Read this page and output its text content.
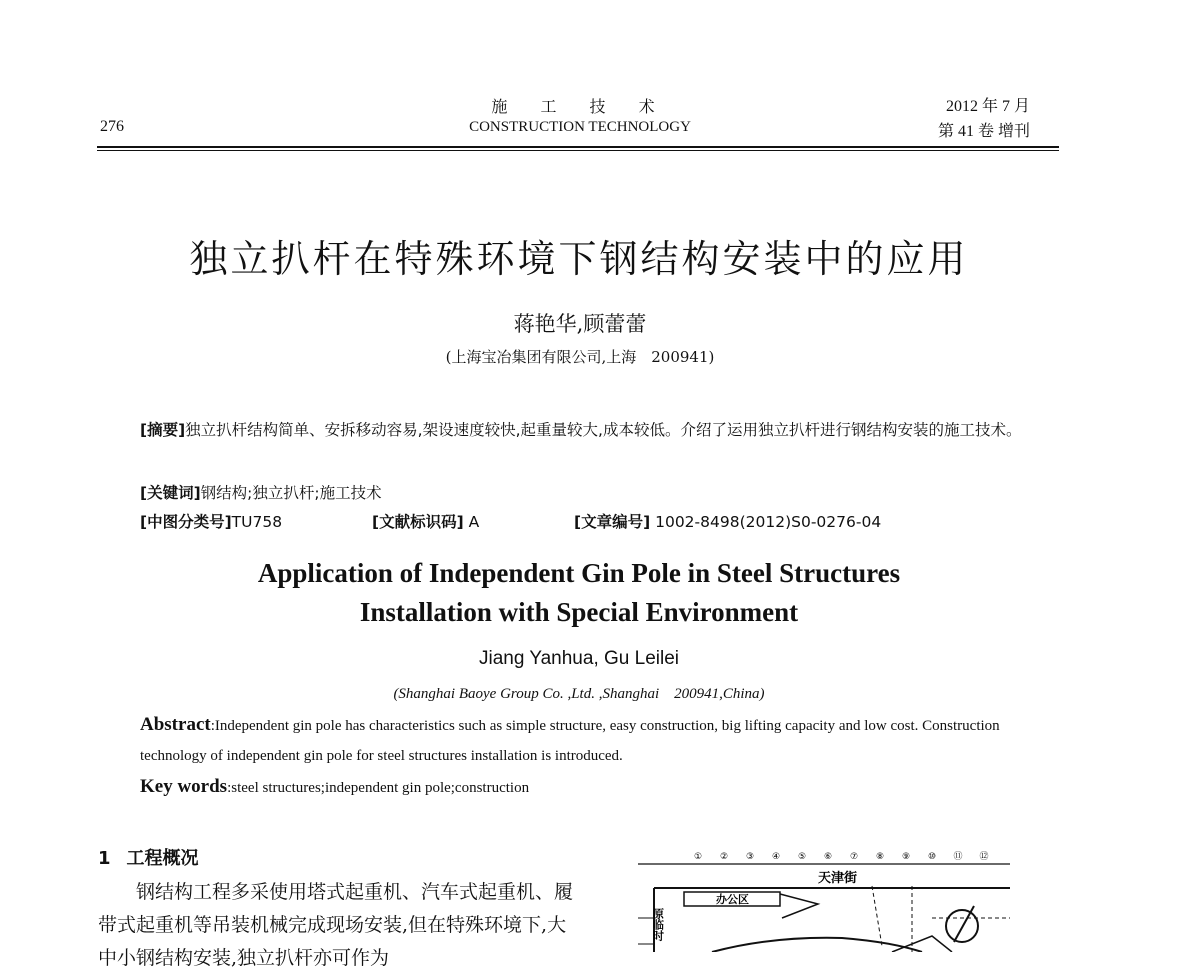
276
施 工 技 术
CONSTRUCTION TECHNOLOGY
2012 年 7 月
第 41 卷 增刊
独立扒杆在特殊环境下钢结构安装中的应用
蒋艳华,顾蕾蕾
(上海宝冶集团有限公司,上海　200941)
[摘要]独立扒杆结构简单、安拆移动容易,架设速度较快,起重量较大,成本较低。介绍了运用独立扒杆进行钢结构安装的施工技术。
[关键词]钢结构;独立扒杆;施工技术
[中图分类号]TU758	[文献标识码] A	[文章编号] 1002-8498(2012)S0-0276-04
Application of Independent Gin Pole in Steel Structures
Installation with Special Environment
Jiang Yanhua, Gu Leilei
(Shanghai Baoye Group Co. ,Ltd. ,Shanghai　200941,China)
Abstract:Independent gin pole has characteristics such as simple structure, easy construction, big lifting capacity and low cost. Construction technology of independent gin pole for steel structures installation is introduced.
Key words:steel structures;independent gin pole;construction
1 工程概况

钢结构工程多采使用塔式起重机、汽车式起重机、履带式起重机等吊装机械完成现场安装,但在特殊环境下,大中小钢结构安装,独立扒杆亦可作为

① ② ③ ④ ⑤ ⑥ ⑦ ⑧ ⑨ ⑩ ⑪ ⑫
办公区
天津街
原临时
